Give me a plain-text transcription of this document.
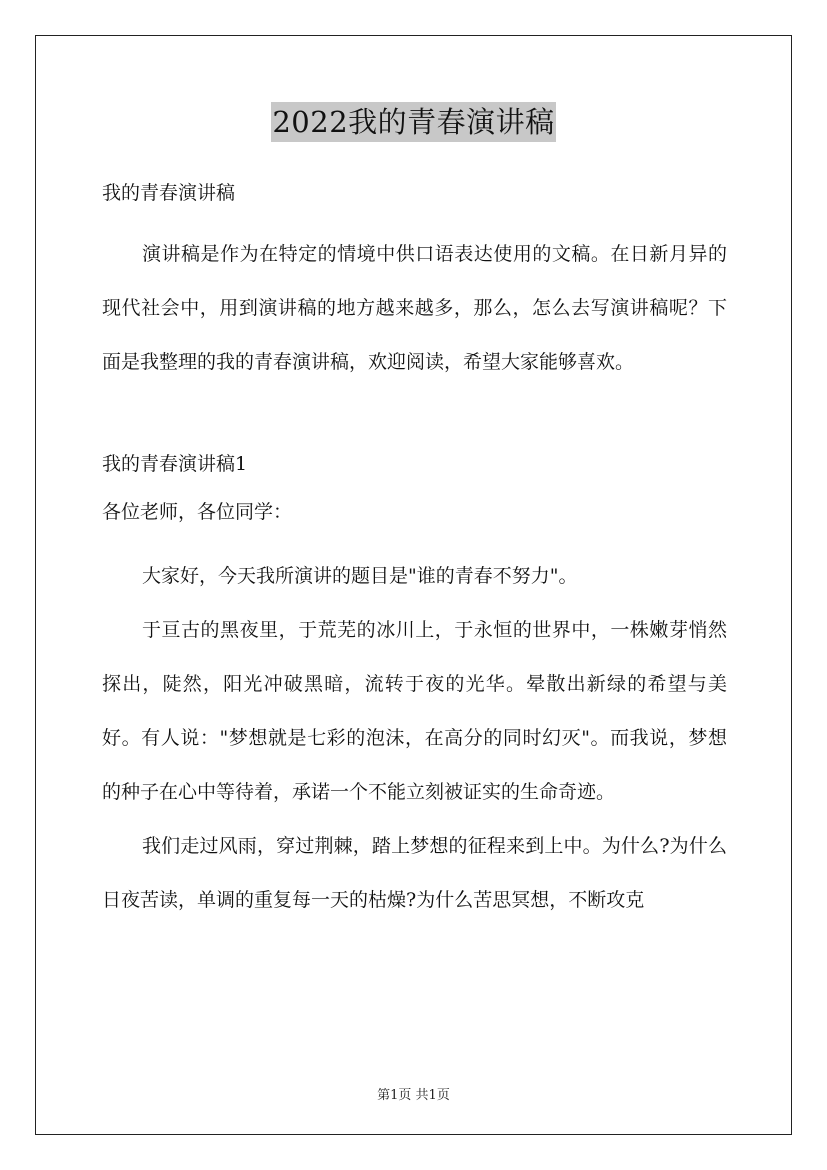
2022我的青春演讲稿
我的青春演讲稿
演讲稿是作为在特定的情境中供口语表达使用的文稿。在日新月异的现代社会中，用到演讲稿的地方越来越多，那么，怎么去写演讲稿呢？下面是我整理的我的青春演讲稿，欢迎阅读，希望大家能够喜欢。
我的青春演讲稿1
各位老师，各位同学：
大家好，今天我所演讲的题目是"谁的青春不努力"。
于亘古的黑夜里，于荒芜的冰川上，于永恒的世界中，一株嫩芽悄然探出，陡然，阳光冲破黑暗，流转于夜的光华。晕散出新绿的希望与美好。有人说："梦想就是七彩的泡沫，在高分的同时幻灭"。而我说，梦想的种子在心中等待着，承诺一个不能立刻被证实的生命奇迹。
我们走过风雨，穿过荆棘，踏上梦想的征程来到上中。为什么?为什么日夜苦读，单调的重复每一天的枯燥?为什么苦思冥想，不断攻克
第1页 共1页
